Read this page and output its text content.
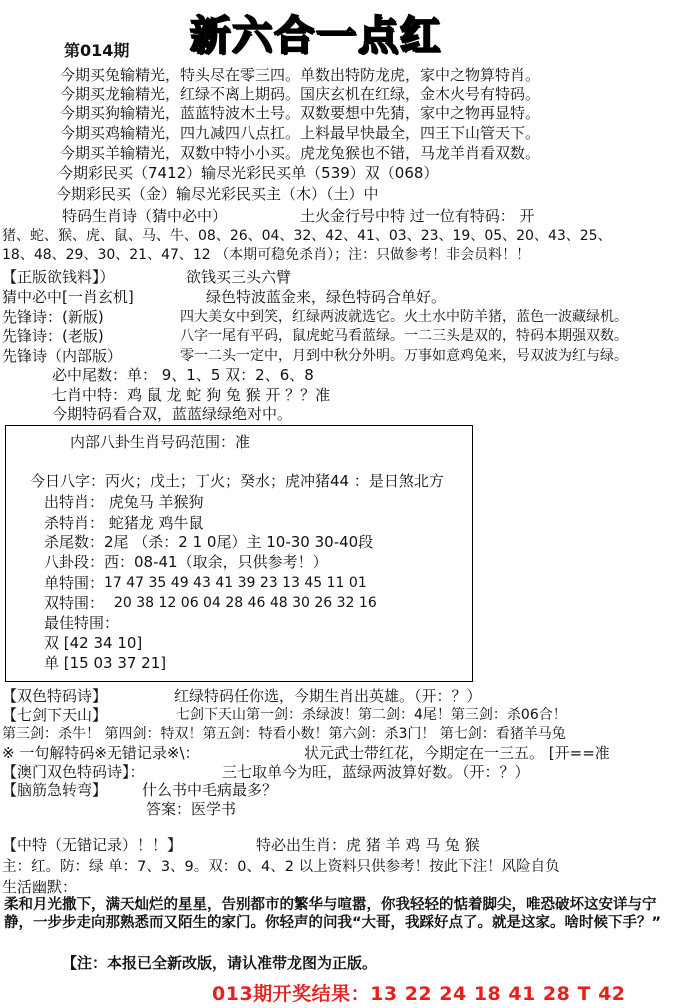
新六合一点红
第014期
今期买兔输精光，特头尽在零三四。单数出特防龙虎，家中之物算特肖。
今期买龙输精光，红绿不离上期码。国庆玄机在红绿，金木火号有特码。
今期买狗输精光，蓝蓝特波木土号。双数要想中先猜，家中之物再显特。
今期买鸡输精光，四九减四八点扛。上料最早快最全，四王下山管天下。
今期买羊输精光，双数中特小小买。虎龙兔猴也不错，马龙羊肖看双数。
今期彩民买（7412）输尽光彩民买单（539）双（068）
今期彩民买（金）输尽光彩民买主（木）（土）中
特码生肖诗（猜中必中）	土火金行号中特 过一位有特码： 开
猪、蛇、猴、虎、鼠、马、牛、08、26、04、32、42、41、03、23、19、05、20、43、25、
18、48、29、30、21、47、12 （本期可稳免杀肖）；注：只做参考！非会员料！！
【正版欲钱料】）	欲钱买三头六臂
猜中必中[一肖玄机]	绿色特波蓝金来，绿色特码合单好。
先锋诗：(新版)	四大美女中到笑，红绿两波就选它。火土水中防羊猪，蓝色一波藏绿机。
先锋诗：(老版)	八字一尾有平码，鼠虎蛇马看蓝绿。一二三头是双的，特码本期强双数。
先锋诗（内部版）	零一二头一定中，月到中秋分外明。万事如意鸡兔来，号双波为红与绿。
必中尾数：单： 9、1、5 双：2、6、8
七肖中特：鸡 鼠 龙 蛇 狗 兔 猴 开 ？？准
今期特码看合双，蓝蓝绿绿绝对中。
内部八卦生肖号码范围：准
今日八字：丙火；戊土；丁火；癸水；虎冲猪44 ：是日煞北方
出特肖： 虎兔马 羊猴狗
杀特肖： 蛇猪龙 鸡牛鼠
杀尾数：2尾 （杀：2 1 0尾）主 10-30 30-40段
八卦段：西：08-41（取余，只供参考！）
单特围： 17 47 35 49 43 41 39 23 13 45 11 01
双特围： 20 38 12 06 04 28 46 48 30 26 32 16
最佳特围：
双 [42 34 10]
单 [15 03 37 21]
【双色特码诗】	红绿特码任你选，今期生肖出英雄。（开：？）
【七剑下天山】	七剑下天山第一剑：杀绿波！第二剑：4尾！第三剑：杀06合！
第三剑：杀牛！ 第四剑：特双！第五剑：特看小数！第六剑：杀3门！ 第七剑：看猪羊马兔
※ 一句解特码※无错记录※\：	状元武士带红花，今期定在一三五。 [开==准
【澳门双色特码诗】：	三七取单今为旺，蓝绿两波算好数。（开：？）
【脑筋急转弯】 什么书中毛病最多？
答案：医学书
【中特（无错记录）！！】	特必出生肖：虎 猪 羊 鸡 马 兔 猴
主：红。防：绿 单：7、3、9。双：0、4、2 以上资料只供参考！按此下注！风险自负
生活幽默：
柔和月光撒下，满天灿烂的星星，告别都市的繁华与喧嚣，你我轻轻的惦着脚尖，唯恐破坏这安详与宁静，一步步走向那熟悉而又陌生的家门。你轻声的问我“大哥，我踩好点了。就是这家。啥时候下手？”
【注：本报已全新改版，请认准带龙图为正版。
013期开奖结果：13 22 24 18 41 28 T 42
